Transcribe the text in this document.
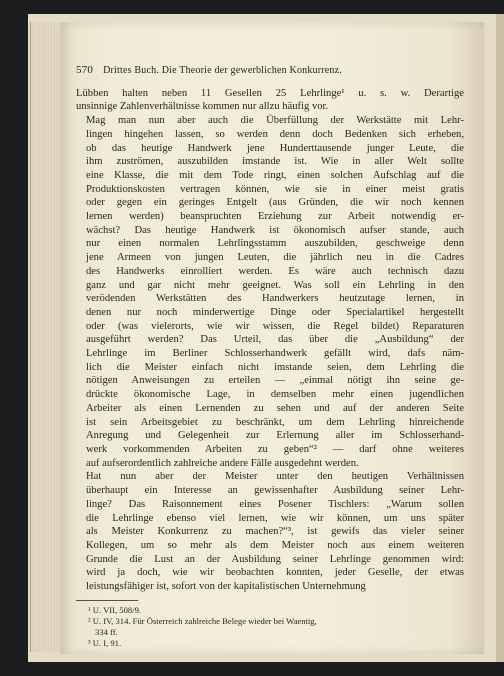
570 Drittes Buch. Die Theorie der gewerblichen Konkurrenz.

Lübben halten neben 11 Gesellen 25 Lehrlinge¹ u. s. w. Derartige
unsinnige Zahlenverhältnisse kommen nur allzu häufig vor.

Mag man nun aber auch die Überfüllung der Werkstätte mit Lehr-
lingen hingehen lassen, so werden denn doch Bedenken sich erheben,
ob das heutige Handwerk jene Hunderttausende junger Leute, die
ihm zuströmen, auszubilden imstande ist. Wie in aller Welt sollte
eine Klasse, die mit dem Tode ringt, einen solchen Aufschlag auf die
Produktionskosten vertragen können, wie sie in einer meist gratis
oder gegen ein geringes Entgelt (aus Gründen, die wir noch kennen
lernen werden) beanspruchten Erziehung zur Arbeit notwendig er-
wächst? Das heutige Handwerk ist ökonomisch aufser stande, auch
nur einen normalen Lehrlingsstamm auszubilden, geschweige denn
jene Armeen von jungen Leuten, die jährlich neu in die Cadres
des Handwerks einrolliert werden. Es wäre auch technisch dazu
ganz und gar nicht mehr geeignet. Was soll ein Lehrling in den
verödenden Werkstätten des Handwerkers heutzutage lernen, in
denen nur noch minderwertige Dinge oder Specialartikel hergestellt
oder (was vielerorts, wie wir wissen, die Regel bildet) Reparaturen
ausgeführt werden? Das Urteil, das über die „Ausbildung“ der
Lehrlinge im Berliner Schlosserhandwerk gefällt wird, dafs näm-
lich die Meister einfach nicht imstande seien, dem Lehrling die
nötigen Anweisungen zu erteilen — „einmal nötigt ihn seine ge-
drückte ökonomische Lage, in demselben mehr einen jugendlichen
Arbeiter als einen Lernenden zu sehen und auf der anderen Seite
ist sein Arbeitsgebiet zu beschränkt, um dem Lehrling hinreichende
Anregung und Gelegenheit zur Erlernung aller im Schlosserhand-
werk vorkommenden Arbeiten zu geben“² — darf ohne weiteres
auf aufserordentlich zahlreiche andere Fälle ausgedehnt werden.

Hat nun aber der Meister unter den heutigen Verhältnissen
überhaupt ein Interesse an gewissenhafter Ausbildung seiner Lehr-
linge? Das Raisonnement eines Posener Tischlers: „Warum sollen
die Lehrlinge ebenso viel lernen, wie wir können, um uns später
als Meister Konkurrenz zu machen?“³, ist gewifs das vieler seiner
Kollegen, um so mehr als dem Meister noch aus einem weiteren
Grunde die Lust an der Ausbildung seiner Lehrlinge genommen wird:
wird ja doch, wie wir beobachten konnten, jeder Geselle, der etwas
leistungsfähiger ist, sofort von der kapitalistischen Unternehmung

¹ U. VII, 508/9.
² U. IV, 314. Für Österreich zahlreiche Belege wieder bei Waentig,
334 ff.
³ U. I, 91.
